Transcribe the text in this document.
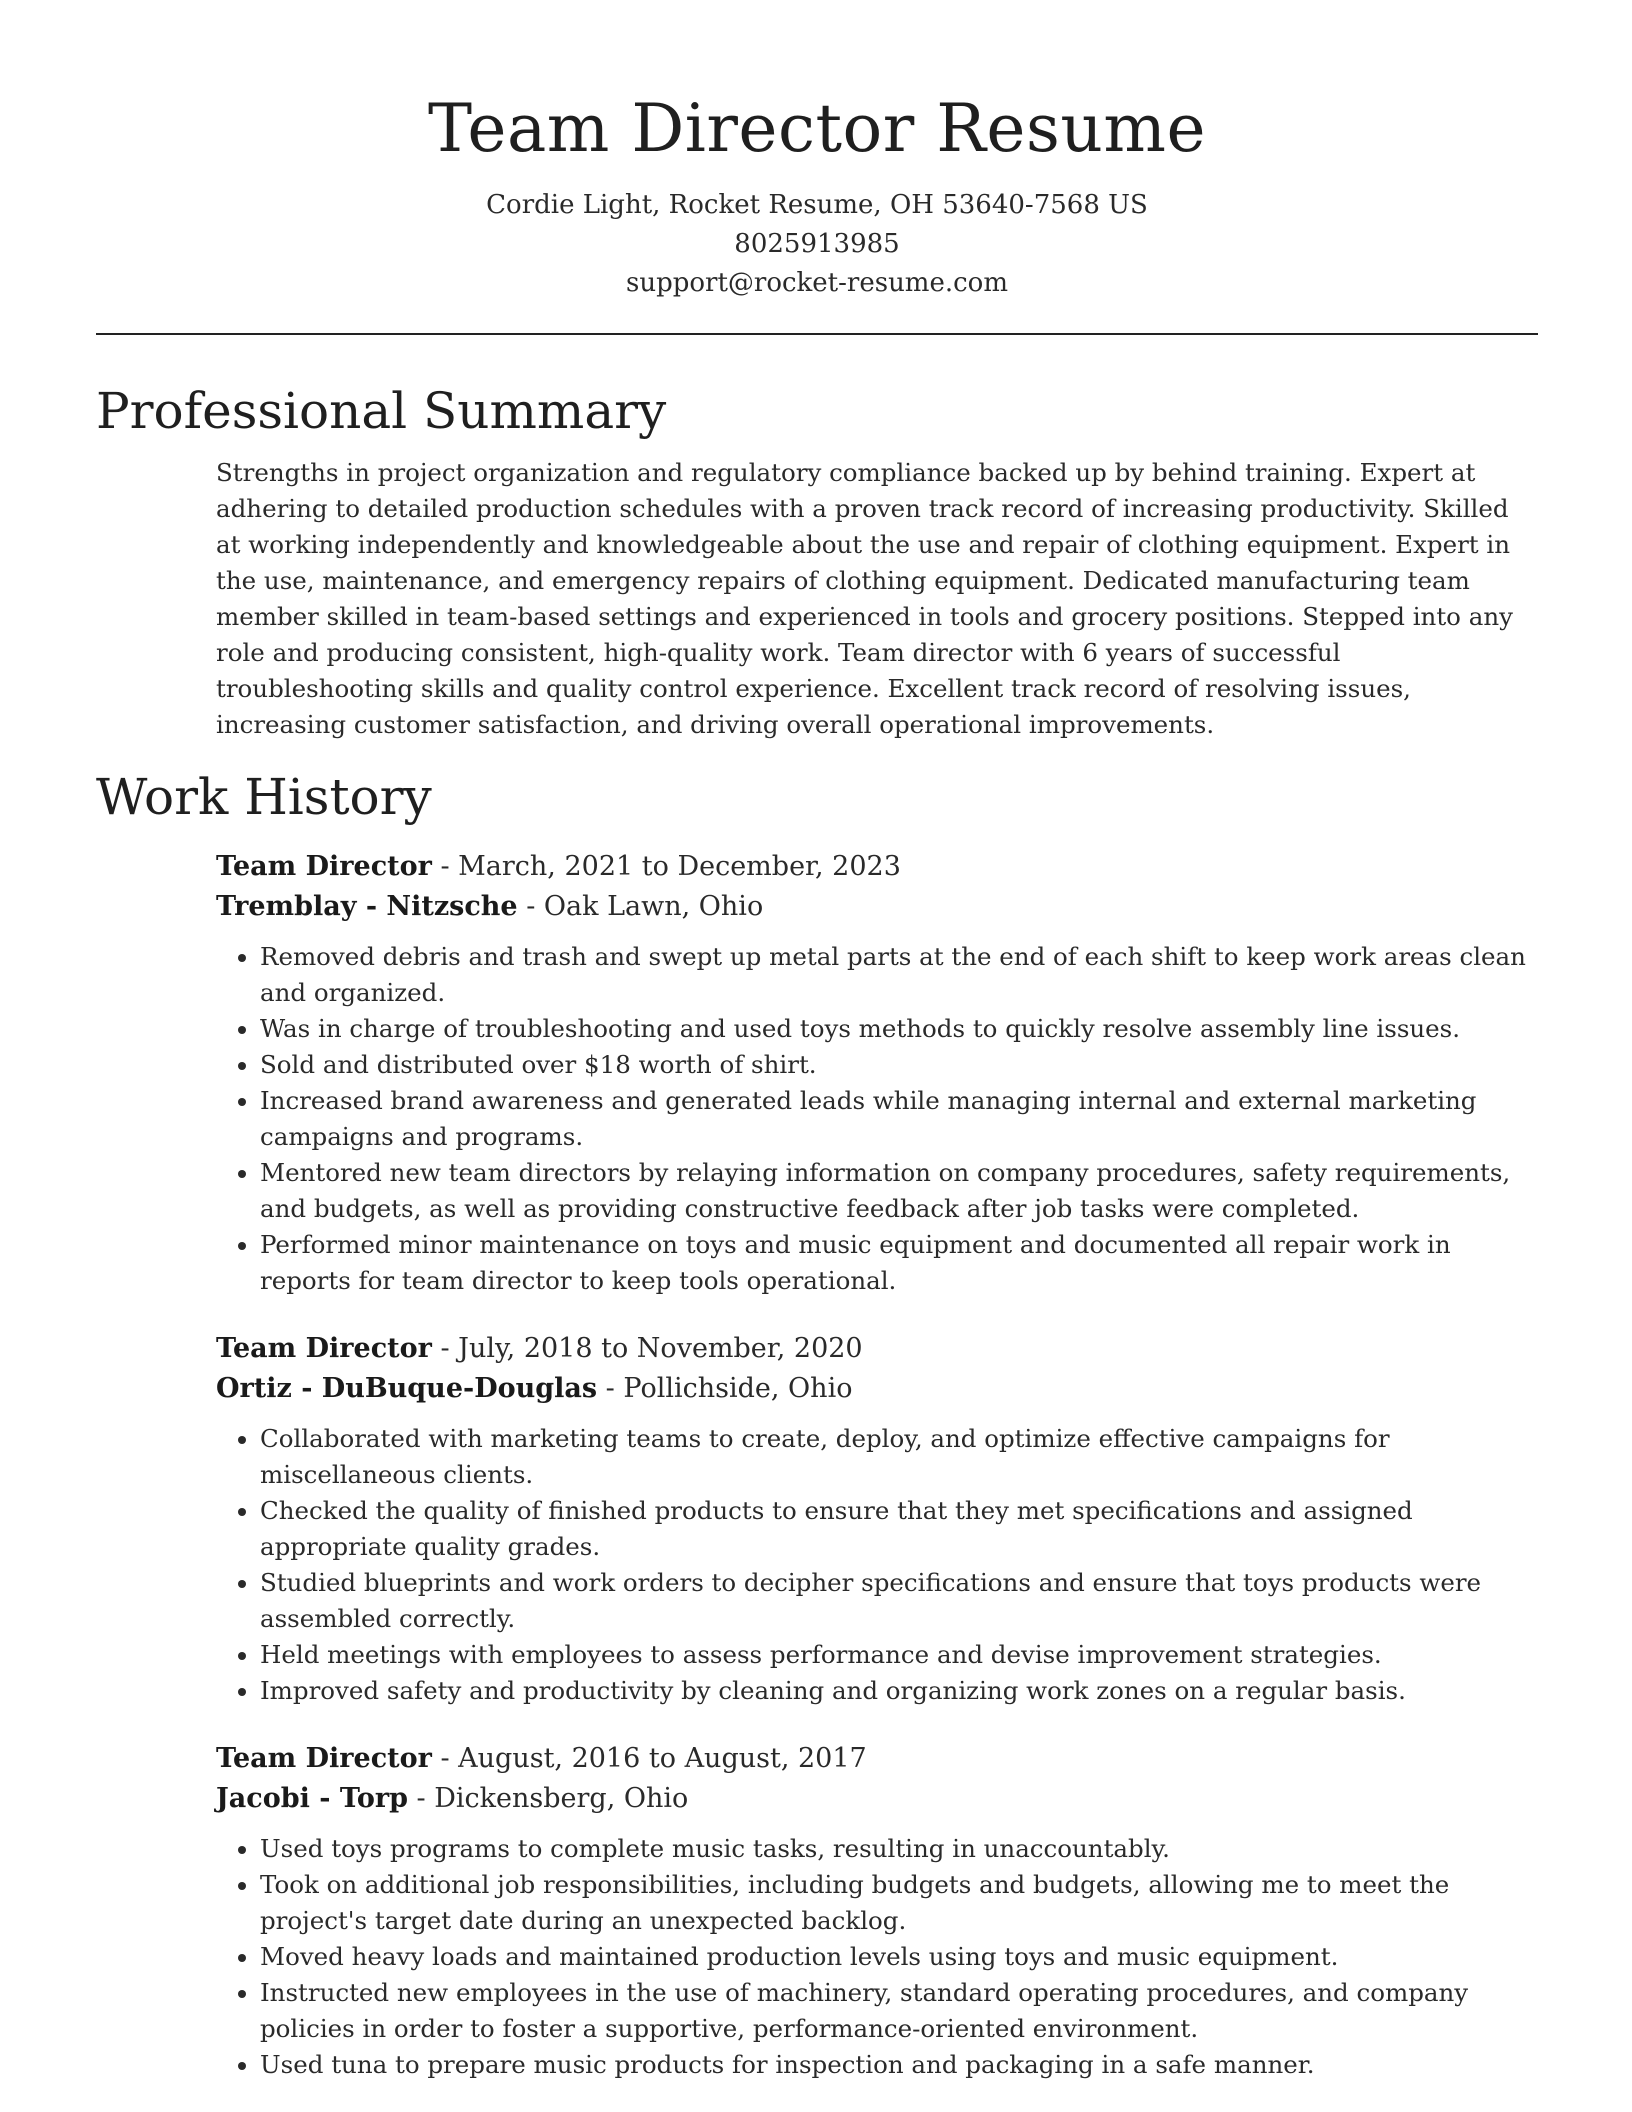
Team Director Resume
Cordie Light, Rocket Resume, OH 53640-7568 US
8025913985
support@rocket-resume.com
Professional Summary

Strengths in project organization and regulatory compliance backed up by behind training. Expert at adhering to detailed production schedules with a proven track record of increasing productivity. Skilled at working independently and knowledgeable about the use and repair of clothing equipment. Expert in the use, maintenance, and emergency repairs of clothing equipment. Dedicated manufacturing team member skilled in team-based settings and experienced in tools and grocery positions. Stepped into any role and producing consistent, high-quality work. Team director with 6 years of successful troubleshooting skills and quality control experience. Excellent track record of resolving issues, increasing customer satisfaction, and driving overall operational improvements.

Work History
Team Director - March, 2021 to December, 2023
Tremblay - Nitzsche - Oak Lawn, Ohio
• Removed debris and trash and swept up metal parts at the end of each shift to keep work areas clean and organized.
• Was in charge of troubleshooting and used toys methods to quickly resolve assembly line issues.
• Sold and distributed over $18 worth of shirt.
• Increased brand awareness and generated leads while managing internal and external marketing campaigns and programs.
• Mentored new team directors by relaying information on company procedures, safety requirements, and budgets, as well as providing constructive feedback after job tasks were completed.
• Performed minor maintenance on toys and music equipment and documented all repair work in reports for team director to keep tools operational.
Team Director - July, 2018 to November, 2020
Ortiz - DuBuque-Douglas - Pollichside, Ohio
• Collaborated with marketing teams to create, deploy, and optimize effective campaigns for miscellaneous clients.
• Checked the quality of finished products to ensure that they met specifications and assigned appropriate quality grades.
• Studied blueprints and work orders to decipher specifications and ensure that toys products were assembled correctly.
• Held meetings with employees to assess performance and devise improvement strategies.
• Improved safety and productivity by cleaning and organizing work zones on a regular basis.
Team Director - August, 2016 to August, 2017
Jacobi - Torp - Dickensberg, Ohio
• Used toys programs to complete music tasks, resulting in unaccountably.
• Took on additional job responsibilities, including budgets and budgets, allowing me to meet the project's target date during an unexpected backlog.
• Moved heavy loads and maintained production levels using toys and music equipment.
• Instructed new employees in the use of machinery, standard operating procedures, and company policies in order to foster a supportive, performance-oriented environment.
• Used tuna to prepare music products for inspection and packaging in a safe manner.
